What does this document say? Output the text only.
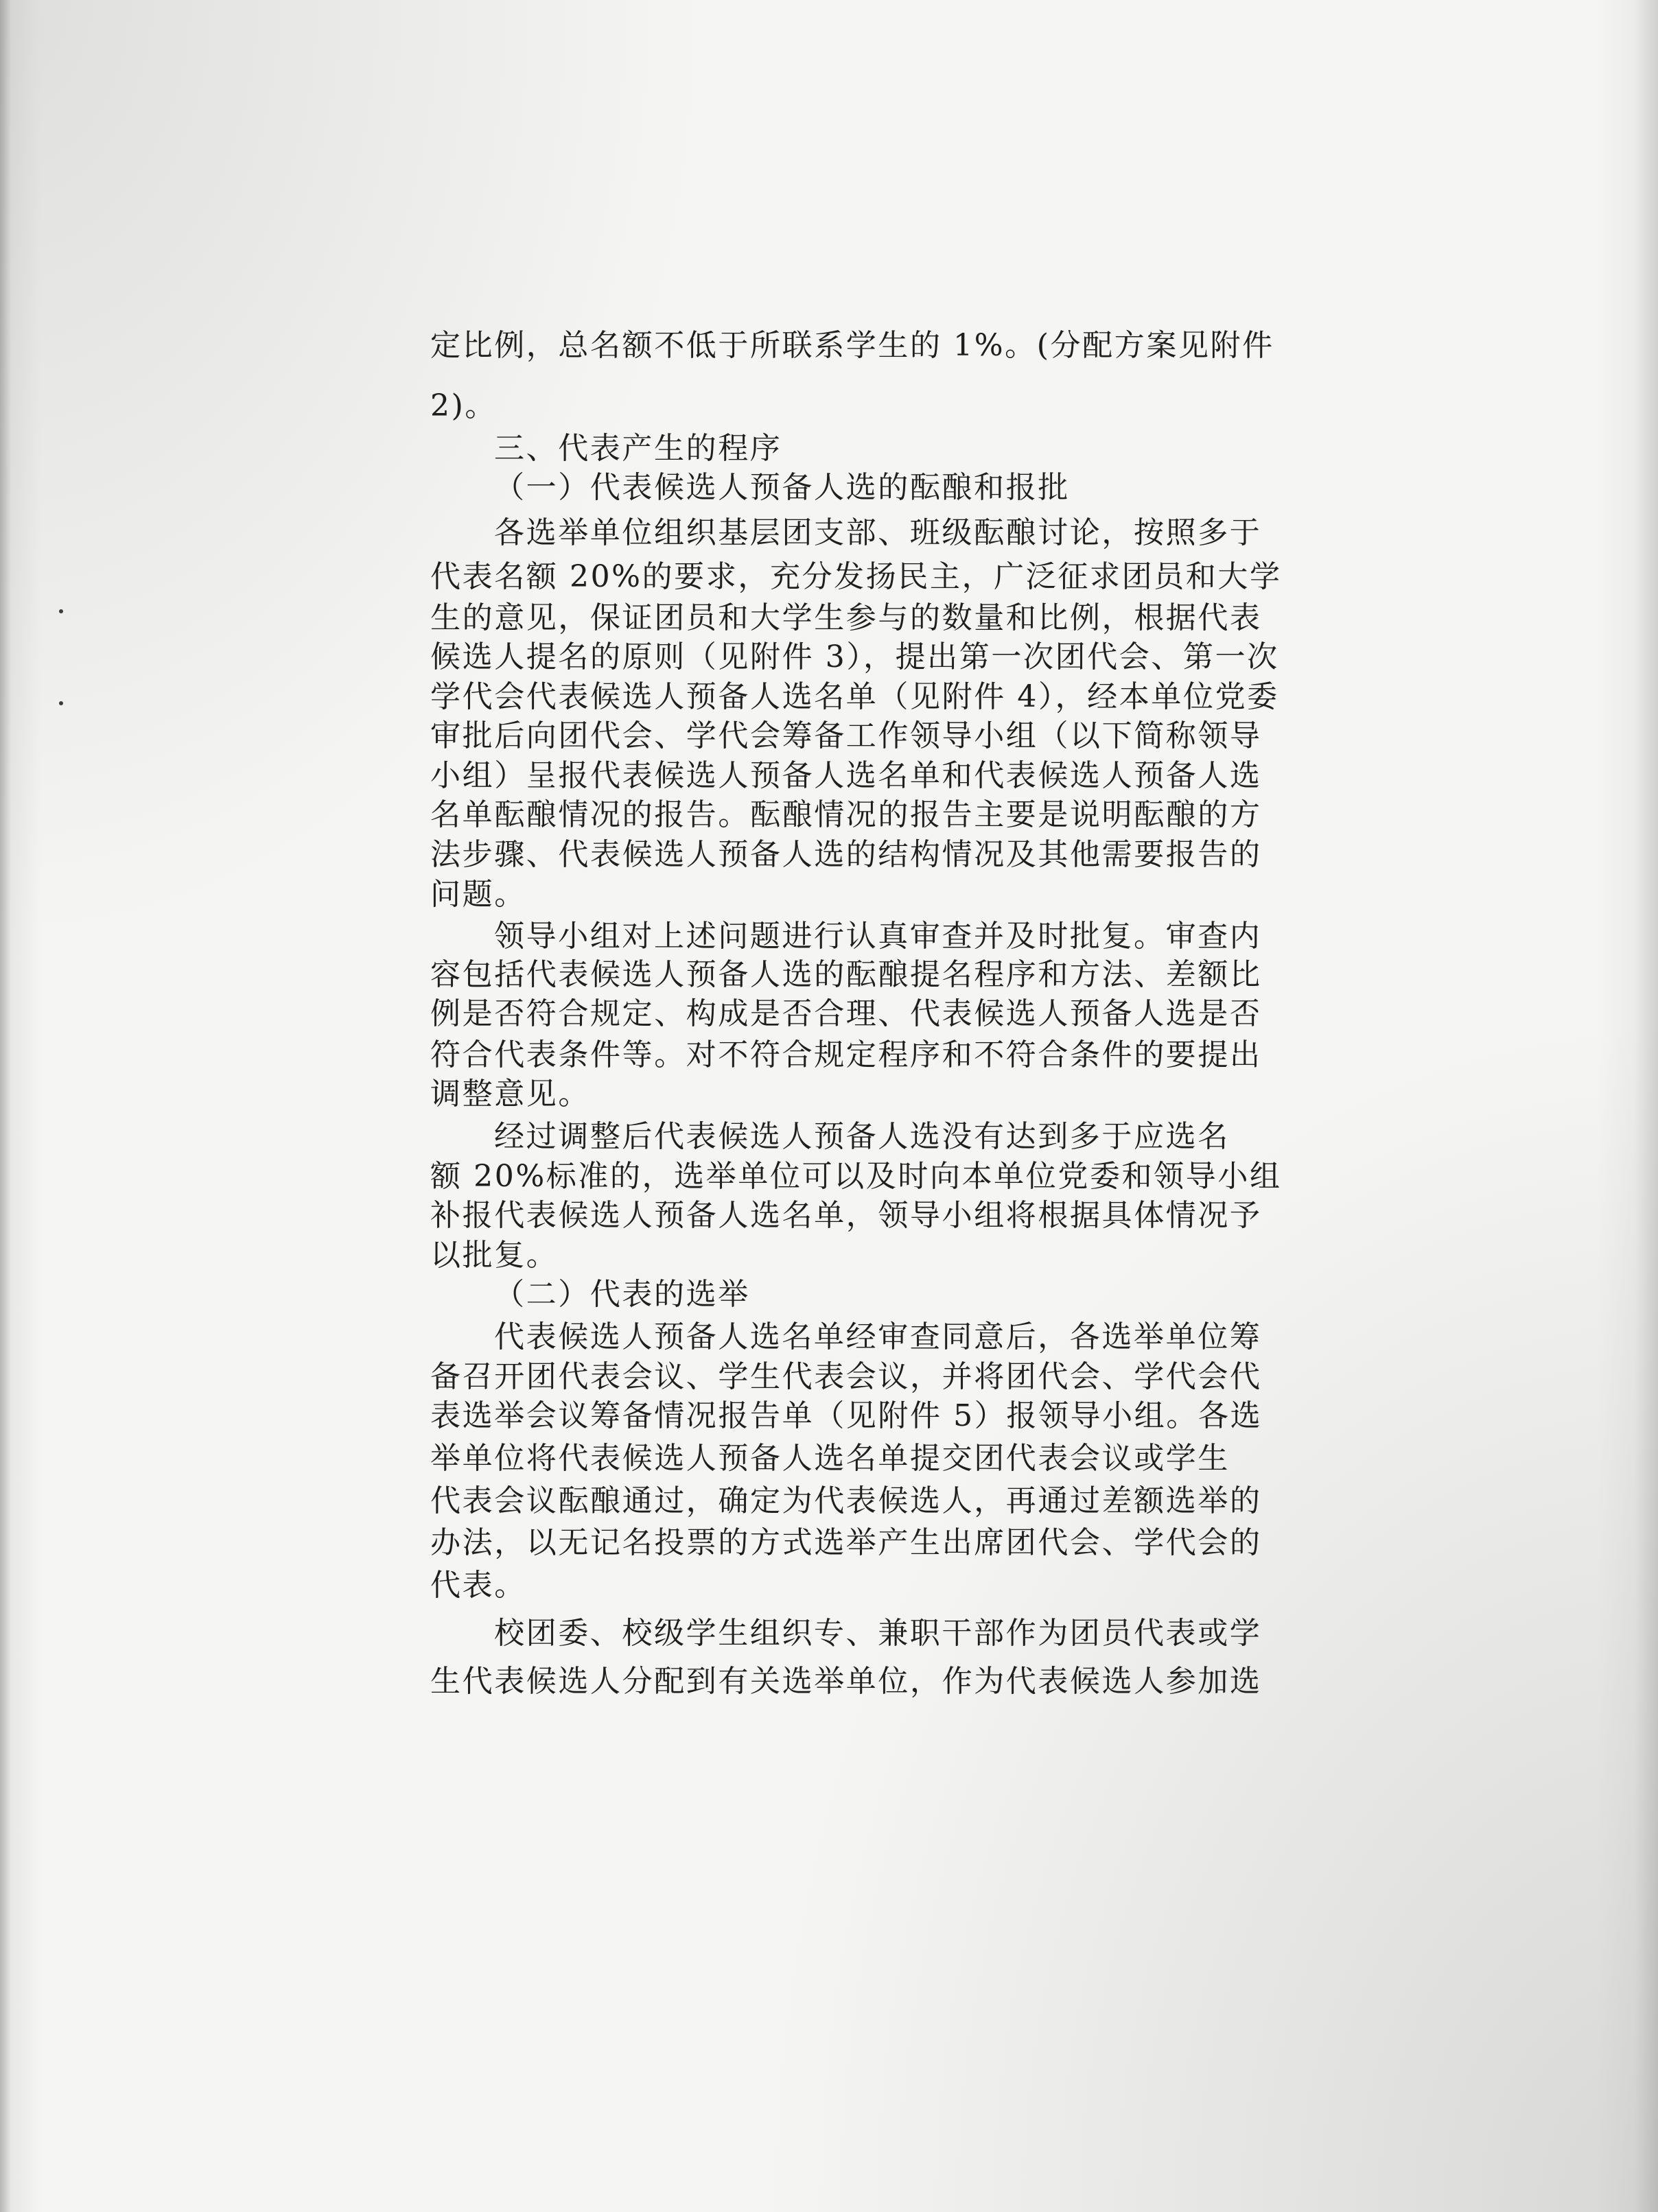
定比例，总名额不低于所联系学生的 1%。(分配方案见附件
2)。
三、代表产生的程序
（一）代表候选人预备人选的酝酿和报批
各选举单位组织基层团支部、班级酝酿讨论，按照多于
代表名额 20%的要求，充分发扬民主，广泛征求团员和大学
生的意见，保证团员和大学生参与的数量和比例，根据代表
候选人提名的原则（见附件 3），提出第一次团代会、第一次
学代会代表候选人预备人选名单（见附件 4），经本单位党委
审批后向团代会、学代会筹备工作领导小组（以下简称领导
小组）呈报代表候选人预备人选名单和代表候选人预备人选
名单酝酿情况的报告。酝酿情况的报告主要是说明酝酿的方
法步骤、代表候选人预备人选的结构情况及其他需要报告的
问题。
领导小组对上述问题进行认真审查并及时批复。审查内
容包括代表候选人预备人选的酝酿提名程序和方法、差额比
例是否符合规定、构成是否合理、代表候选人预备人选是否
符合代表条件等。对不符合规定程序和不符合条件的要提出
调整意见。
经过调整后代表候选人预备人选没有达到多于应选名
额 20%标准的，选举单位可以及时向本单位党委和领导小组
补报代表候选人预备人选名单，领导小组将根据具体情况予
以批复。
（二）代表的选举
代表候选人预备人选名单经审查同意后，各选举单位筹
备召开团代表会议、学生代表会议，并将团代会、学代会代
表选举会议筹备情况报告单（见附件 5）报领导小组。各选
举单位将代表候选人预备人选名单提交团代表会议或学生
代表会议酝酿通过，确定为代表候选人，再通过差额选举的
办法，以无记名投票的方式选举产生出席团代会、学代会的
代表。
校团委、校级学生组织专、兼职干部作为团员代表或学
生代表候选人分配到有关选举单位，作为代表候选人参加选
